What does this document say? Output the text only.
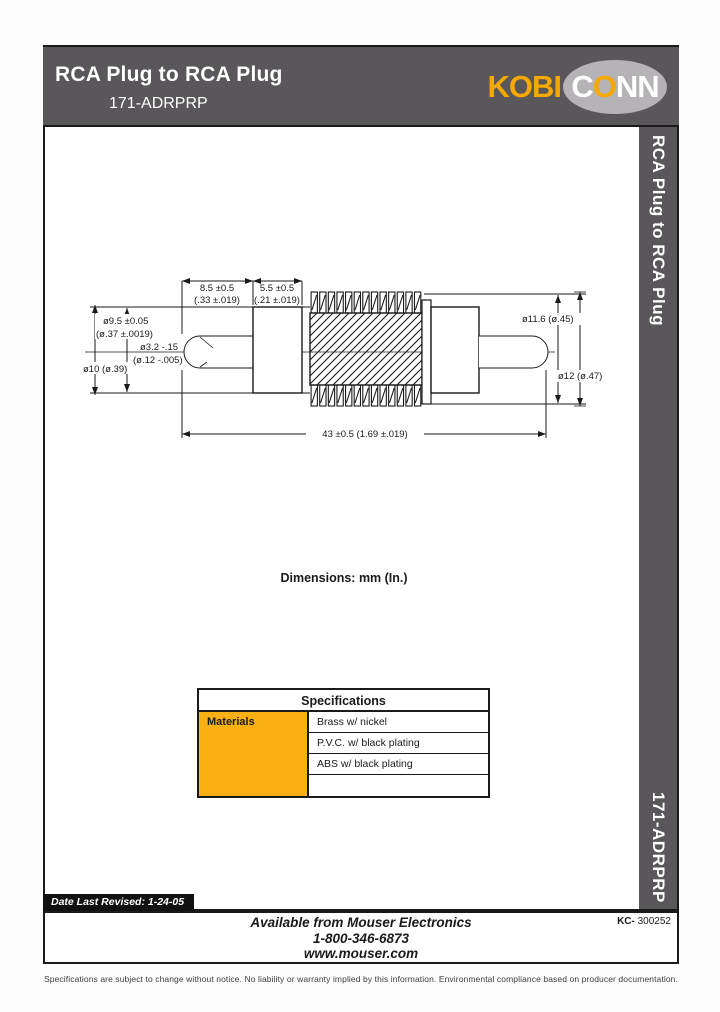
RCA Plug to RCA Plug
171-ADRPRP	KOBI C O NN
8.5 ±0.5
(.33 ±.019)
5.5 ±0.5
(.21 ±.019)
ø9.5 ±0.05
(ø.37 ±.0019)
ø3.2 -.15
(ø.12 -.005)
ø10 (ø.39)
ø11.6 (ø.45)
ø12 (ø.47)
43 ±0.5 (1.69 ±.019)
Dimensions: mm (In.)
Specifications
Materials	Brass w/ nickel
P.V.C. w/ black plating
ABS w/ black plating
RCA Plug to RCA Plug
171-ADRPRP
Date Last Revised: 1-24-05
Available from Mouser Electronics
1-800-346-6873
www.mouser.com
KC- 300252
Specifications are subject to change without notice. No liability or warranty implied by this information. Environmental compliance based on producer documentation.
